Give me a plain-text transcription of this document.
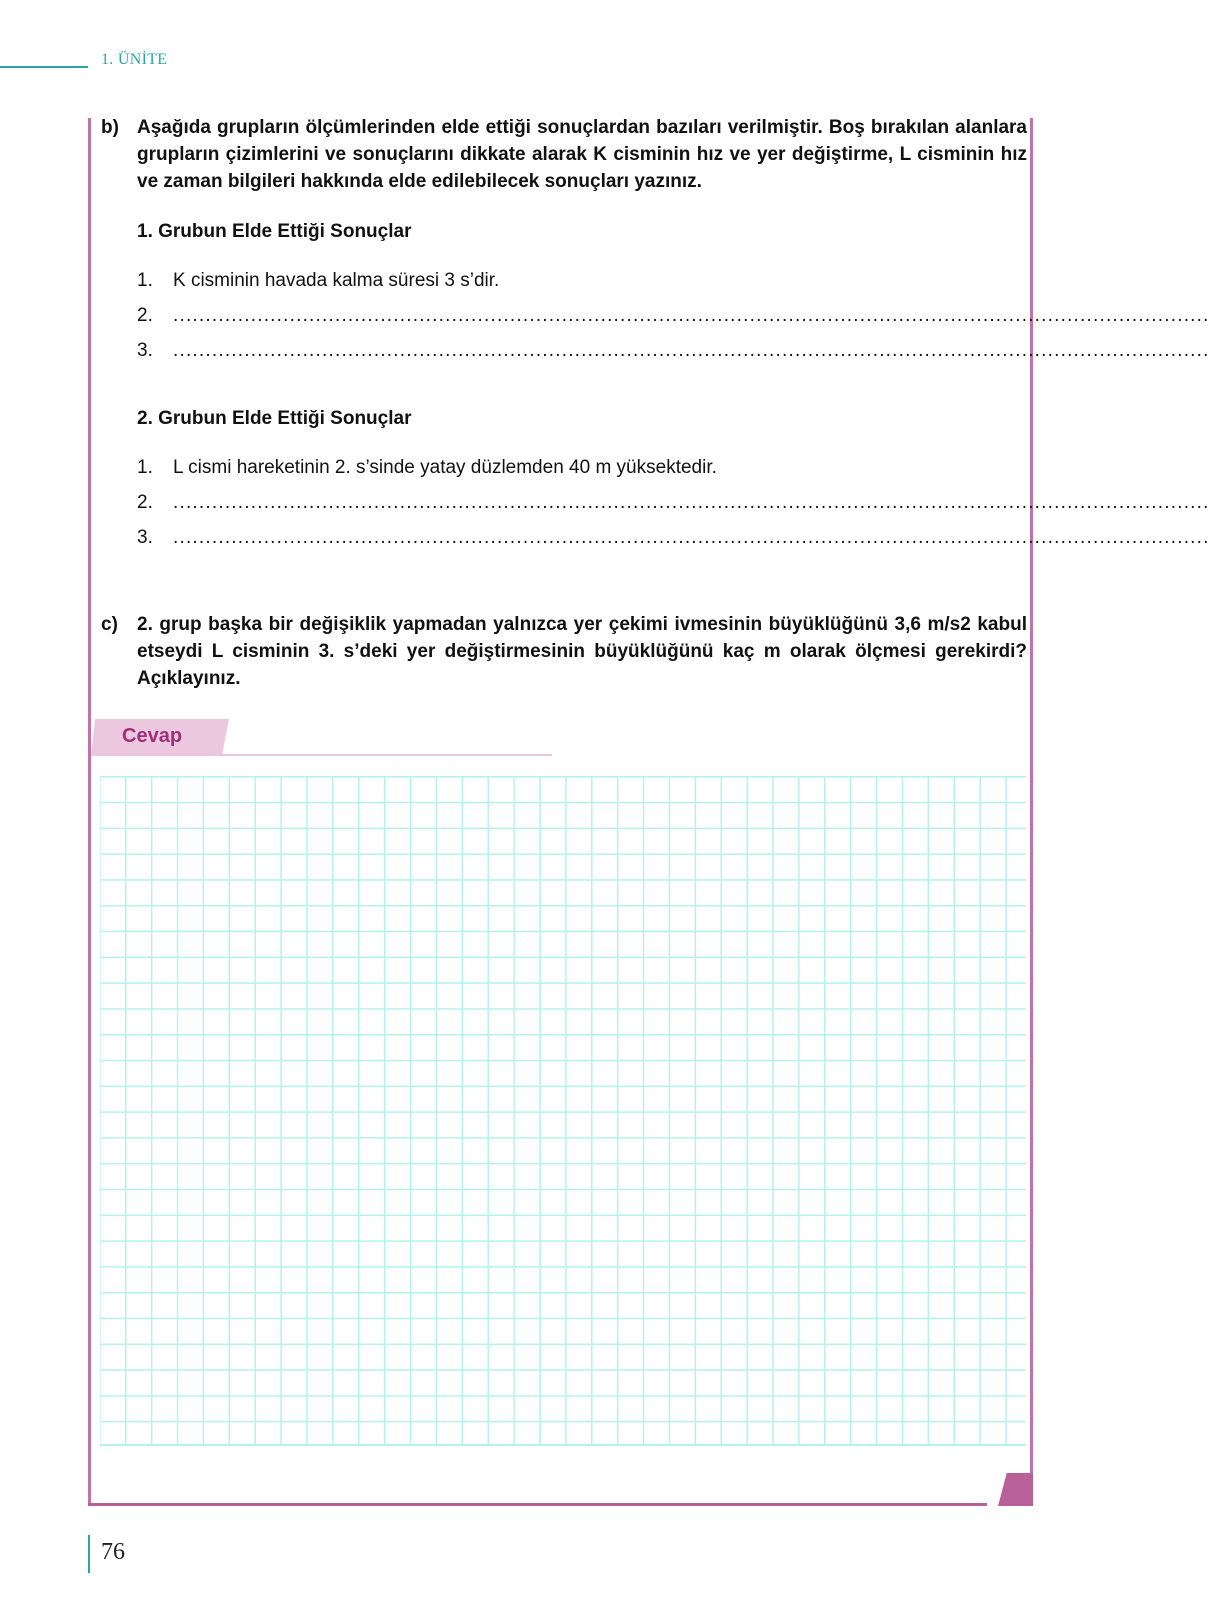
1. ÜNİTE
b) Aşağıda grupların ölçümlerinden elde ettiği sonuçlardan bazıları verilmiştir. Boş bırakılan alanlara grupların çizimlerini ve sonuçlarını dikkate alarak K cisminin hız ve yer değiştirme, L cisminin hız ve zaman bilgileri hakkında elde edilebilecek sonuçları yazınız.
1. Grubun Elde Ettiği Sonuçlar
1.	K cisminin havada kalma süresi 3 s’dir.
2.	................................................................................................................................................................
3.	................................................................................................................................................................
2. Grubun Elde Ettiği Sonuçlar
1.	L cismi hareketinin 2. s’sinde yatay düzlemden 40 m yüksektedir.
2.	................................................................................................................................................................
3.	................................................................................................................................................................
c) 2. grup başka bir değişiklik yapmadan yalnızca yer çekimi ivmesinin büyüklüğünü 3,6 m/s2 kabul etseydi L cisminin 3. s’deki yer değiştirmesinin büyüklüğünü kaç m olarak ölçmesi gerekirdi? Açıklayınız.
Cevap
76
